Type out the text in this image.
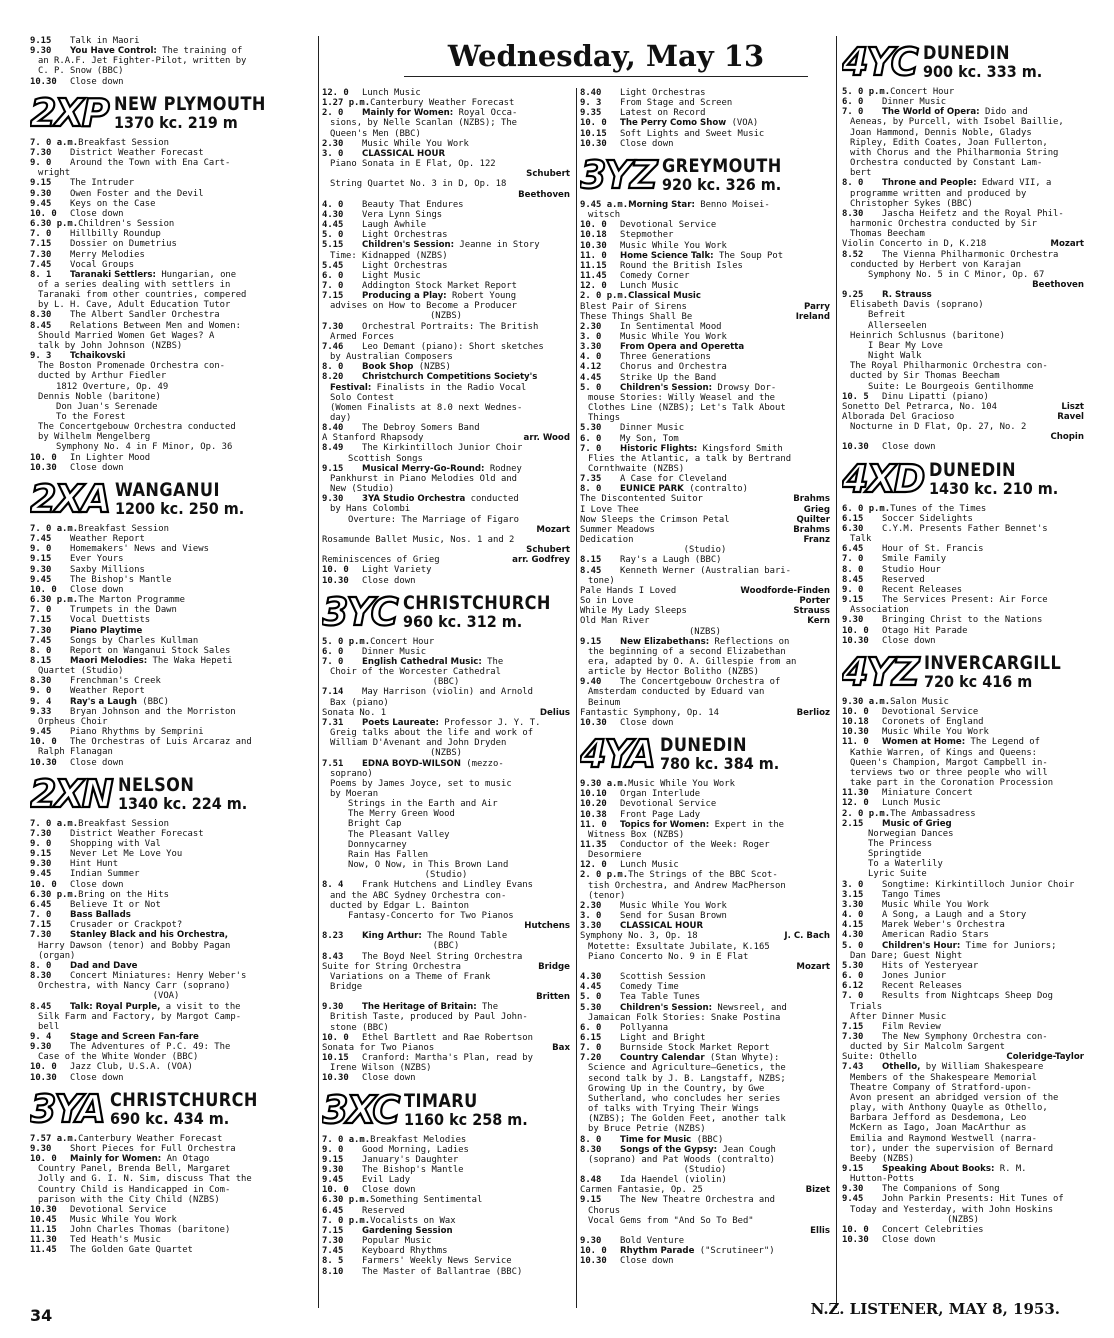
Wednesday, May 13
9.15 Talk in Maori
9.30 You Have Control: The training of
an R.A.F. Jet Fighter-Pilot, written by
C. P. Snow (BBC)
10.30 Close down
2XP NEW PLYMOUTH
1370 kc. 219 m
7. 0 a.m.Breakfast Session
7.30 District Weather Forecast
9. 0 Around the Town with Ena Cart-
wright
9.15 The Intruder
9.30 Owen Foster and the Devil
9.45 Keys on the Case
10. 0 Close down
6.30 p.m.Children's Session
7. 0 Hillbilly Roundup
7.15 Dossier on Dumetrius
7.30 Merry Melodies
7.45 Vocal Groups
8. 1 Taranaki Settlers: Hungarian, one
of a series dealing with settlers in
Taranaki from other countries, compered
by L. H. Cave, Adult Education Tutor
8.30 The Albert Sandler Orchestra
8.45 Relations Between Men and Women:
Should Married Women Get Wages? A
talk by John Johnson (NZBS)
9. 3 Tchaikovski
The Boston Promenade Orchestra con-
ducted by Arthur Fiedler
1812 Overture, Op. 49
Dennis Noble (baritone)
Don Juan's Serenade
To the Forest
The Concertgebouw Orchestra conducted
by Wilhelm Mengelberg
Symphony No. 4 in F Minor, Op. 36
10. 0 In Lighter Mood
10.30 Close down
2XA WANGANUI
1200 kc. 250 m.
7. 0 a.m.Breakfast Session
7.45 Weather Report
9. 0 Homemakers' News and Views
9.15 Ever Yours
9.30 Saxby Millions
9.45 The Bishop's Mantle
10. 0 Close down
6.30 p.m.The Marton Programme
7. 0 Trumpets in the Dawn
7.15 Vocal Duettists
7.30 Piano Playtime
7.45 Songs by Charles Kullman
8. 0 Report on Wanganui Stock Sales
8.15 Maori Melodies: The Waka Hepeti
Quartet (Studio)
8.30 Frenchman's Creek
9. 0 Weather Report
9. 4 Ray's a Laugh (BBC)
9.33 Bryan Johnson and the Morriston
Orpheus Choir
9.45 Piano Rhythms by Semprini
10. 0 The Orchestras of Luis Arcaraz and
Ralph Flanagan
10.30 Close down
2XN NELSON
1340 kc. 224 m.
7. 0 a.m.Breakfast Session
7.30 District Weather Forecast
9. 0 Shopping with Val
9.15 Never Let Me Love You
9.30 Hint Hunt
9.45 Indian Summer
10. 0 Close down
6.30 p.m.Bring on the Hits
6.45 Believe It or Not
7. 0 Bass Ballads
7.15 Crusader or Crackpot?
7.30 Stanley Black and his Orchestra,
Harry Dawson (tenor) and Bobby Pagan
(organ)
8. 0 Dad and Dave
8.30 Concert Miniatures: Henry Weber's
Orchestra, with Nancy Carr (soprano)
(VOA)
8.45 Talk: Royal Purple, a visit to the
Silk Farm and Factory, by Margot Camp-
bell
9. 4 Stage and Screen Fan-fare
9.30 The Adventures of P.C. 49: The
Case of the White Wonder (BBC)
10. 0 Jazz Club, U.S.A. (VOA)
10.30 Close down
3YA CHRISTCHURCH
690 kc. 434 m.
7.57 a.m.Canterbury Weather Forecast
9.30 Short Pieces for Full Orchestra
10. 0 Mainly for Women: An Otago
Country Panel, Brenda Bell, Margaret
Jolly and G. I. N. Sim, discuss That the
Country Child is Handicapped in Com-
parison with the City Child (NZBS)
10.30 Devotional Service
10.45 Music While You Work
11.15 John Charles Thomas (baritone)
11.30 Ted Heath's Music
11.45 The Golden Gate Quartet
12. 0 Lunch Music
1.27 p.m.Canterbury Weather Forecast
2. 0 Mainly for Women: Royal Occa-
sions, by Nelle Scanlan (NZBS); The
Queen's Men (BBC)
2.30 Music While You Work
3. 0 CLASSICAL HOUR
Piano Sonata in E Flat, Op. 122
Schubert
String Quartet No. 3 in D, Op. 18
Beethoven
4. 0 Beauty That Endures
4.30 Vera Lynn Sings
4.45 Laugh Awhile
5. 0 Light Orchestras
5.15 Children's Session: Jeanne in Story
Time: Kidnapped (NZBS)
5.45 Light Orchestras
6. 0 Light Music
7. 0 Addington Stock Market Report
7.15 Producing a Play: Robert Young
advises on How to Become a Producer
(NZBS)
7.30 Orchestral Portraits: The British
Armed Forces
7.46 Leo Demant (piano): Short sketches
by Australian Composers
8. 0 Book Shop (NZBS)
8.20 Christchurch Competitions Society's
Festival: Finalists in the Radio Vocal
Solo Contest
(Women Finalists at 8.0 next Wednes-
day)
8.40 The Debroy Somers Band
A Stanford Rhapsody	arr. Wood
8.49 The Kirkintilloch Junior Choir
Scottish Songs
9.15 Musical Merry-Go-Round: Rodney
Pankhurst in Piano Melodies Old and
New (Studio)
9.30 3YA Studio Orchestra conducted
by Hans Colombi
Overture: The Marriage of Figaro
Mozart
Rosamunde Ballet Music, Nos. 1 and 2
Schubert
Reminiscences of Grieg	arr. Godfrey
10. 0 Light Variety
10.30 Close down
3YC CHRISTCHURCH
960 kc. 312 m.
5. 0 p.m.Concert Hour
6. 0 Dinner Music
7. 0 English Cathedral Music: The
Choir of the Worcester Cathedral
(BBC)
7.14 May Harrison (violin) and Arnold
Bax (piano)
Sonata No. 1	Delius
7.31 Poets Laureate: Professor J. Y. T.
Greig talks about the life and work of
William D'Avenant and John Dryden
(NZBS)
7.51 EDNA BOYD-WILSON (mezzo-
soprano)
Poems by James Joyce, set to music
by Moeran
Strings in the Earth and Air
The Merry Green Wood
Bright Cap
The Pleasant Valley
Donnycarney
Rain Has Fallen
Now, O Now, in This Brown Land
(Studio)
8. 4 Frank Hutchens and Lindley Evans
and the ABC Sydney Orchestra con-
ducted by Edgar L. Bainton
Fantasy-Concerto for Two Pianos
Hutchens
8.23 King Arthur: The Round Table
(BBC)
8.43 The Boyd Neel String Orchestra
Suite for String Orchestra	Bridge
Variations on a Theme of Frank
Bridge
Britten
9.30 The Heritage of Britain: The
British Taste, produced by Paul John-
stone (BBC)
10. 0 Ethel Bartlett and Rae Robertson
Sonata for Two Pianos	Bax
10.15 Cranford: Martha's Plan, read by
Irene Wilson (NZBS)
10.30 Close down
3XC TIMARU
1160 kc 258 m.
7. 0 a.m.Breakfast Melodies
9. 0 Good Morning, Ladies
9.15 January's Daughter
9.30 The Bishop's Mantle
9.45 Evil Lady
10. 0 Close down
6.30 p.m.Something Sentimental
6.45 Reserved
7. 0 p.m.Vocalists on Wax
7.15 Gardening Session
7.30 Popular Music
7.45 Keyboard Rhythms
8. 5 Farmers' Weekly News Service
8.10 The Master of Ballantrae (BBC)
8.40 Light Orchestras
9. 3 From Stage and Screen
9.35 Latest on Record
10. 0 The Perry Como Show (VOA)
10.15 Soft Lights and Sweet Music
10.30 Close down
3YZ GREYMOUTH
920 kc. 326 m.
9.45 a.m.Morning Star: Benno Moisei-
witsch
10. 0 Devotional Service
10.18 Stepmother
10.30 Music While You Work
11. 0 Home Science Talk: The Soup Pot
11.15 Round the British Isles
11.45 Comedy Corner
12. 0 Lunch Music
2. 0 p.m.Classical Music
Blest Pair of Sirens	Parry
These Things Shall Be	Ireland
2.30 In Sentimental Mood
3. 0 Music While You Work
3.30 From Opera and Operetta
4. 0 Three Generations
4.12 Chorus and Orchestra
4.45 Strike Up the Band
5. 0 Children's Session: Drowsy Dor-
mouse Stories: Willy Weasel and the
Clothes Line (NZBS); Let's Talk About
Things
5.30 Dinner Music
6. 0 My Son, Tom
7. 0 Historic Flights: Kingsford Smith
Flies the Atlantic, a talk by Bertrand
Cornthwaite (NZBS)
7.35 A Case for Cleveland
8. 0 EUNICE PARK (contralto)
The Discontented Suitor	Brahms
I Love Thee	Grieg
Now Sleeps the Crimson Petal	Quilter
Summer Meadows	Brahms
Dedication	Franz
(Studio)
8.15 Ray's a Laugh (BBC)
8.45 Kenneth Werner (Australian bari-
tone)
Pale Hands I Loved	Woodforde-Finden
So in Love	Porter
While My Lady Sleeps	Strauss
Old Man River	Kern
(NZBS)
9.15 New Elizabethans: Reflections on
the beginning of a second Elizabethan
era, adapted by O. A. Gillespie from an
article by Hector Bolitho (NZBS)
9.40 The Concertgebouw Orchestra of
Amsterdam conducted by Eduard van
Beinum
Fantastic Symphony, Op. 14	Berlioz
10.30 Close down
4YA DUNEDIN
780 kc. 384 m.
9.30 a.m.Music While You Work
10.10 Organ Interlude
10.20 Devotional Service
10.38 Front Page Lady
11. 0 Topics for Women: Expert in the
Witness Box (NZBS)
11.35 Conductor of the Week: Roger
Desormiere
12. 0 Lunch Music
2. 0 p.m.The Strings of the BBC Scot-
tish Orchestra, and Andrew MacPherson
(tenor)
2.30 Music While You Work
3. 0 Send for Susan Brown
3.30 CLASSICAL HOUR
Symphony No. 3, Op. 18	J. C. Bach
Motette: Exsultate Jubilate, K.165
Piano Concerto No. 9 in E Flat
Mozart
4.30 Scottish Session
4.45 Comedy Time
5. 0 Tea Table Tunes
5.30 Children's Session: Newsreel, and
Jamaican Folk Stories: Snake Postina
6. 0 Pollyanna
6.15 Light and Bright
7. 0 Burnside Stock Market Report
7.20 Country Calendar (Stan Whyte):
Science and Agriculture—Genetics, the
second talk by J. B. Langstaff, NZBS;
Growing Up in the Country, by Gwe
Sutherland, who concludes her series
of talks with Trying Their Wings
(NZBS); The Golden Feet, another talk
by Bruce Petrie (NZBS)
8. 0 Time for Music (BBC)
8.30 Songs of the Gypsy: Jean Cough
(soprano) and Pat Woods (contralto)
(Studio)
8.48 Ida Haendel (violin)
Carmen Fantasie, Op. 25	Bizet
9.15 The New Theatre Orchestra and
Chorus
Vocal Gems from "And So To Bed"
Ellis
9.30 Bold Venture
10. 0 Rhythm Parade ("Scrutineer")
10.30 Close down
4YC DUNEDIN
900 kc. 333 m.
5. 0 p.m.Concert Hour
6. 0 Dinner Music
7. 0 The World of Opera: Dido and
Aeneas, by Purcell, with Isobel Baillie,
Joan Hammond, Dennis Noble, Gladys
Ripley, Edith Coates, Joan Fullerton,
with Chorus and the Philharmonia String
Orchestra conducted by Constant Lam-
bert
8. 0 Throne and People: Edward VII, a
programme written and produced by
Christopher Sykes (BBC)
8.30 Jascha Heifetz and the Royal Phil-
harmonic Orchestra conducted by Sir
Thomas Beecham
Violin Concerto in D, K.218	Mozart
8.52 The Vienna Philharmonic Orchestra
conducted by Herbert von Karajan
Symphony No. 5 in C Minor, Op. 67
Beethoven
9.25 R. Strauss
Elisabeth Davis (soprano)
Befreit
Allerseelen
Heinrich Schlusnus (baritone)
I Bear My Love
Night Walk
The Royal Philharmonic Orchestra con-
ducted by Sir Thomas Beecham
Suite: Le Bourgeois Gentilhomme
10. 5 Dinu Lipatti (piano)
Sonetto Del Petrarca, No. 104	Liszt
Alborada Del Gracioso	Ravel
Nocturne in D Flat, Op. 27, No. 2
Chopin
10.30 Close down
4XD DUNEDIN
1430 kc. 210 m.
6. 0 p.m.Tunes of the Times
6.15 Soccer Sidelights
6.30 C.Y.M. Presents Father Bennet's
Talk
6.45 Hour of St. Francis
7. 0 Smile Family
8. 0 Studio Hour
8.45 Reserved
9. 0 Recent Releases
9.15 The Services Present: Air Force
Association
9.30 Bringing Christ to the Nations
10. 0 Otago Hit Parade
10.30 Close down
4YZ INVERCARGILL
720 kc 416 m
9.30 a.m.Salon Music
10. 0 Devotional Service
10.18 Coronets of England
10.30 Music While You Work
11. 0 Women at Home: The Legend of
Kathie Warren, of Kings and Queens:
Queen's Champion, Margot Campbell in-
terviews two or three people who will
take part in the Coronation Procession
11.30 Miniature Concert
12. 0 Lunch Music
2. 0 p.m.The Ambassadress
2.15 Music of Grieg
Norwegian Dances
The Princess
Springtide
To a Waterlily
Lyric Suite
3. 0 Songtime: Kirkintilloch Junior Choir
3.15 Tango Times
3.30 Music While You Work
4. 0 A Song, a Laugh and a Story
4.15 Marek Weber's Orchestra
4.30 American Radio Stars
5. 0 Children's Hour: Time for Juniors;
Dan Dare; Guest Night
5.30 Hits of Yesteryear
6. 0 Jones Junior
6.12 Recent Releases
7. 0 Results from Nightcaps Sheep Dog
Trials
After Dinner Music
7.15 Film Review
7.30 The New Symphony Orchestra con-
ducted by Sir Malcolm Sargent
Suite: Othello	Coleridge-Taylor
7.43 Othello, by William Shakespeare
Members of the Shakespeare Memorial
Theatre Company of Stratford-upon-
Avon present an abridged version of the
play, with Anthony Quayle as Othello,
Barbara Jefford as Desdemona, Leo
McKern as Iago, Joan MacArthur as
Emilia and Raymond Westwell (narra-
tor), under the supervision of Bernard
Beeby (NZBS)
9.15 Speaking About Books: R. M.
Hutton-Potts
9.30 The Companions of Song
9.45 John Parkin Presents: Hit Tunes of
Today and Yesterday, with John Hoskins
(NZBS)
10. 0 Concert Celebrities
10.30 Close down
34	N.Z. LISTENER, MAY 8, 1953.
